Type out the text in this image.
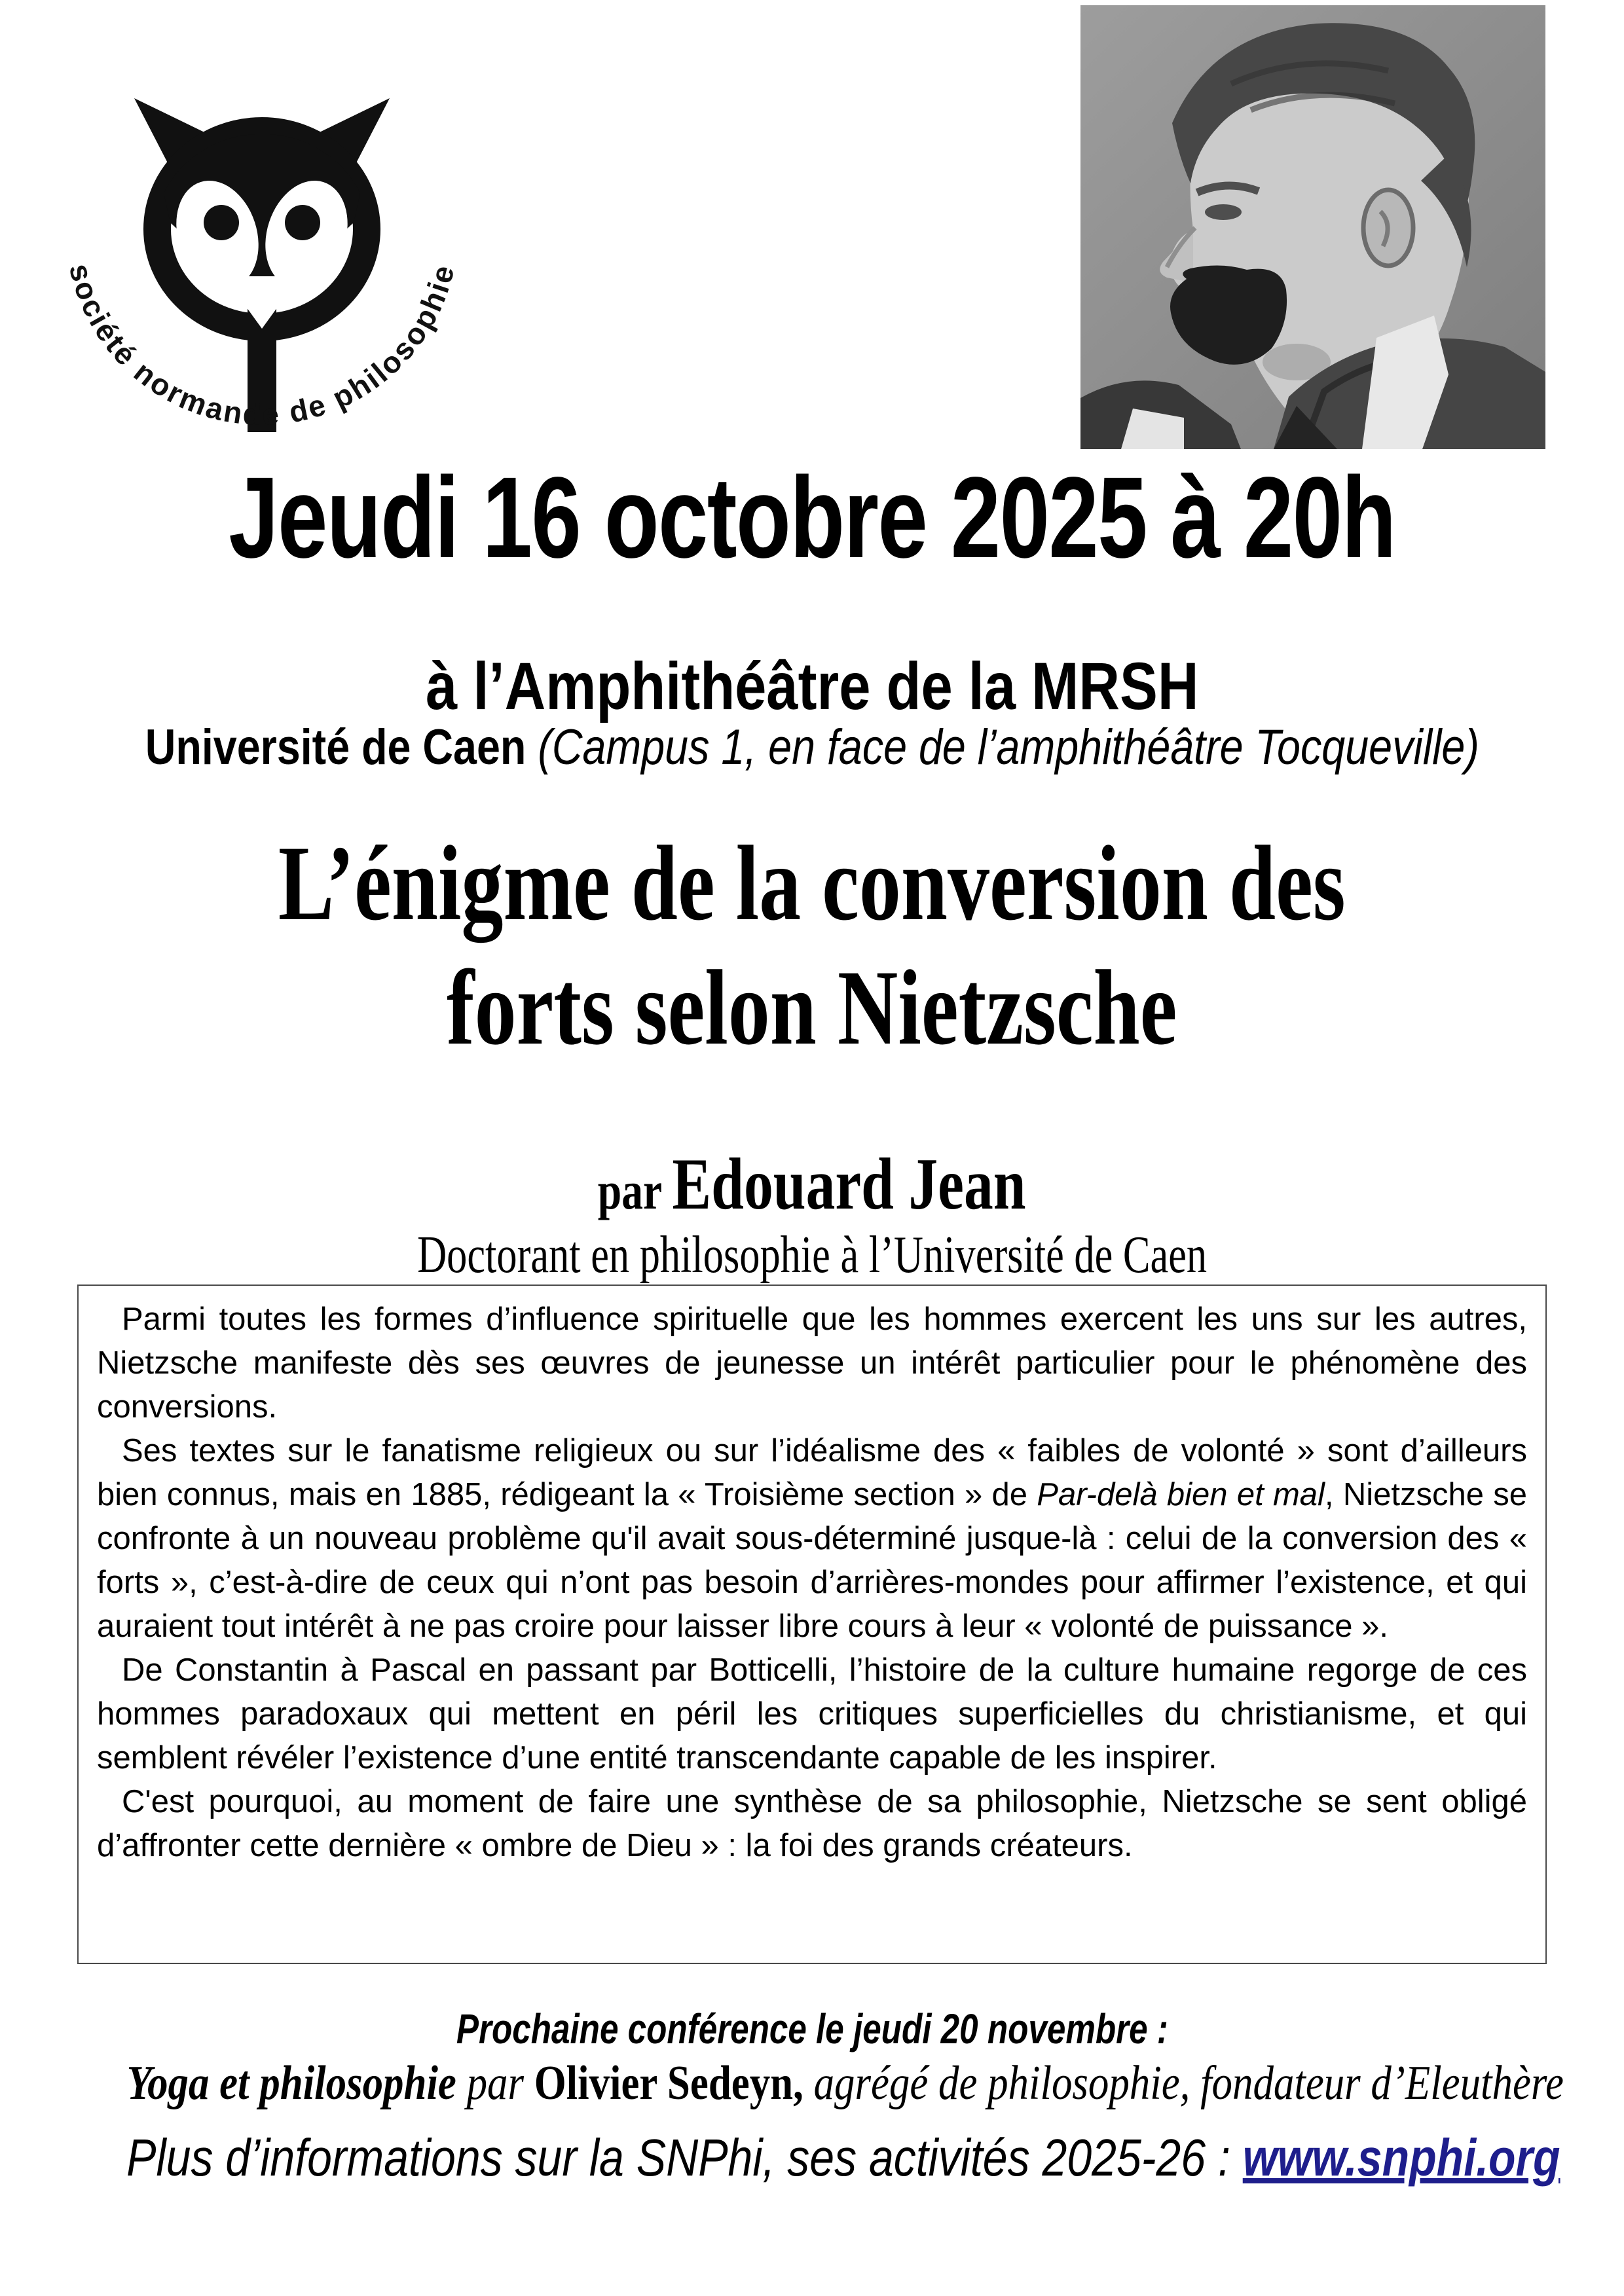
société normande de philosophie
Jeudi 16 octobre 2025 à 20h
à l’Amphithéâtre de la MRSH
Université de Caen (Campus 1, en face de l’amphithéâtre Tocqueville)
L’énigme de la conversion des
forts selon Nietzsche
par Edouard Jean
Doctorant en philosophie à l’Université de Caen

Parmi toutes les formes d’influence spirituelle que les hommes exercent les uns sur les autres, Nietzsche manifeste dès ses œuvres de jeunesse un intérêt particulier pour le phénomène des conversions.

Ses textes sur le fanatisme religieux ou sur l’idéalisme des « faibles de volonté » sont d’ailleurs bien connus, mais en 1885, rédigeant la « Troisième section » de Par-delà bien et mal, Nietzsche se confronte à un nouveau problème qu'il avait sous-déterminé jusque-là : celui de la conversion des « forts », c’est-à-dire de ceux qui n’ont pas besoin d’arrières-mondes pour affirmer l’existence, et qui auraient tout intérêt à ne pas croire pour laisser libre cours à leur « volonté de puissance ».

De Constantin à Pascal en passant par Botticelli, l’histoire de la culture humaine regorge de ces hommes paradoxaux qui mettent en péril les critiques superficielles du christianisme, et qui semblent révéler l’existence d’une entité transcendante capable de les inspirer.

C'est pourquoi, au moment de faire une synthèse de sa philosophie, Nietzsche se sent obligé d’affronter cette dernière « ombre de Dieu » : la foi des grands créateurs.

Prochaine conférence le jeudi 20 novembre :
Yoga et philosophie par Olivier Sedeyn, agrégé de philosophie, fondateur d’Eleuthère
Plus d’informations sur la SNPhi, ses activités 2025-26 : www.snphi.org
